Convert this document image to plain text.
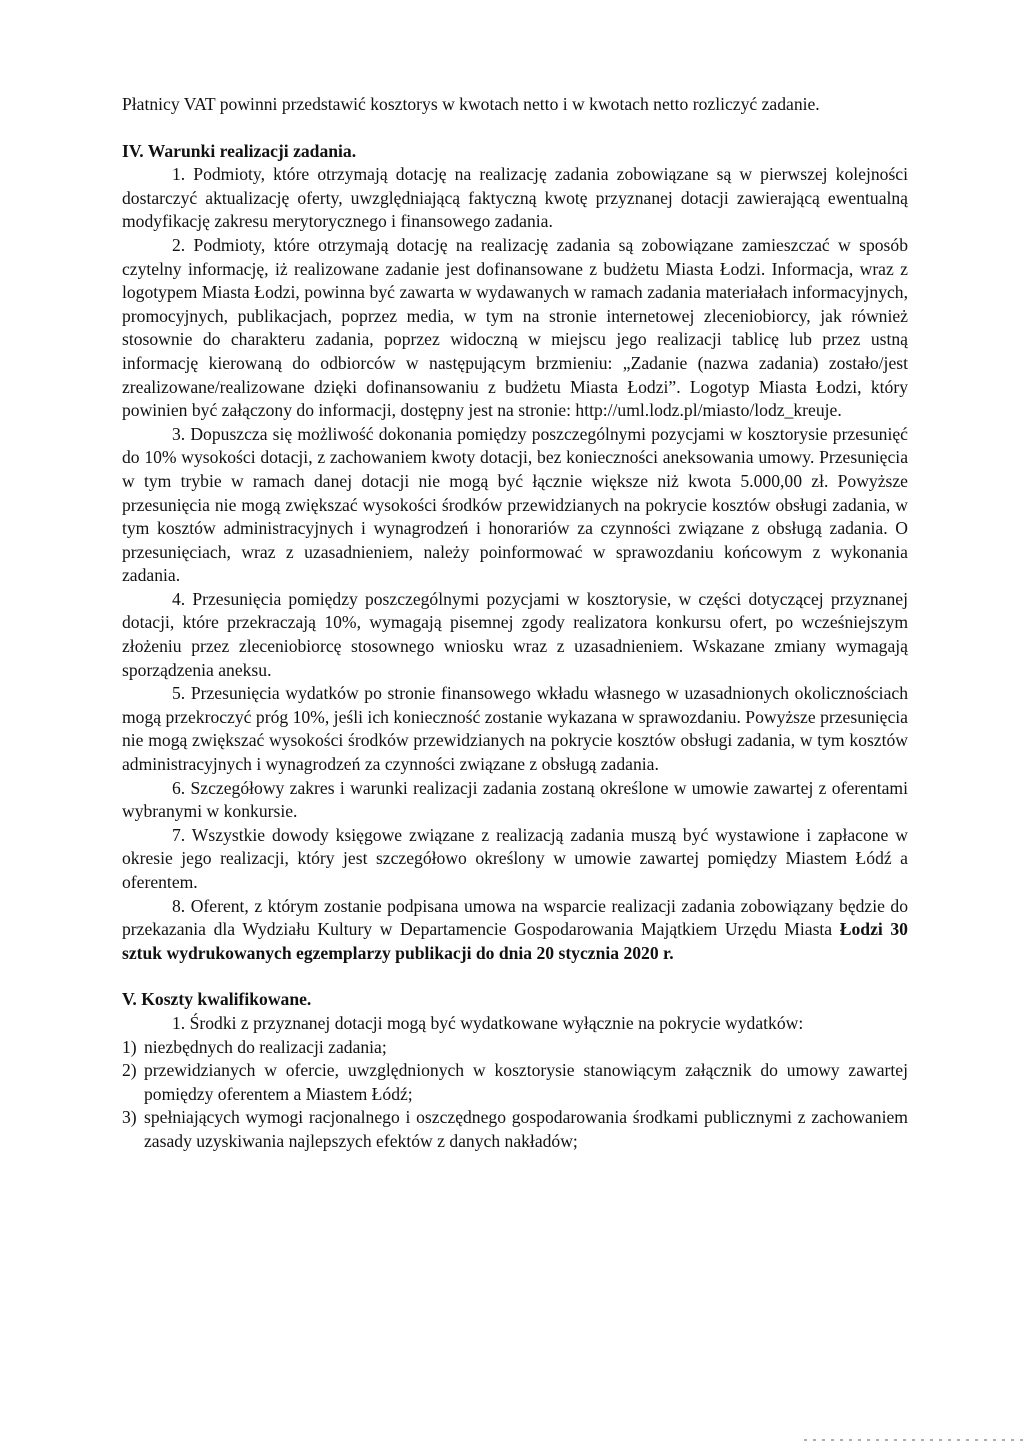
Płatnicy VAT powinni przedstawić kosztorys w kwotach netto i w kwotach netto rozliczyć zadanie.

IV. Warunki realizacji zadania.

1. Podmioty, które otrzymają dotację na realizację zadania zobowiązane są w pierwszej kolejności dostarczyć aktualizację oferty, uwzględniającą faktyczną kwotę przyznanej dotacji zawierającą ewentualną modyfikację zakresu merytorycznego i finansowego zadania.

2. Podmioty, które otrzymają dotację na realizację zadania są zobowiązane zamieszczać w sposób czytelny informację, iż realizowane zadanie jest dofinansowane z budżetu Miasta Łodzi. Informacja, wraz z logotypem Miasta Łodzi, powinna być zawarta w wydawanych w ramach zadania materiałach informacyjnych, promocyjnych, publikacjach, poprzez media, w tym na stronie internetowej zleceniobiorcy, jak również stosownie do charakteru zadania, poprzez widoczną w miejscu jego realizacji tablicę lub przez ustną informację kierowaną do odbiorców w następującym brzmieniu: „Zadanie (nazwa zadania) zostało/jest zrealizowane/realizowane dzięki dofinansowaniu z budżetu Miasta Łodzi”. Logotyp Miasta Łodzi, który powinien być załączony do informacji, dostępny jest na stronie: http://uml.lodz.pl/miasto/lodz_kreuje.

3. Dopuszcza się możliwość dokonania pomiędzy poszczególnymi pozycjami w kosztorysie przesunięć do 10% wysokości dotacji, z zachowaniem kwoty dotacji, bez konieczności aneksowania umowy. Przesunięcia w tym trybie w ramach danej dotacji nie mogą być łącznie większe niż kwota 5.000,00 zł. Powyższe przesunięcia nie mogą zwiększać wysokości środków przewidzianych na pokrycie kosztów obsługi zadania, w tym kosztów administracyjnych i wynagrodzeń i honorariów za czynności związane z obsługą zadania. O przesunięciach, wraz z uzasadnieniem, należy poinformować w sprawozdaniu końcowym z wykonania zadania.

4. Przesunięcia pomiędzy poszczególnymi pozycjami w kosztorysie, w części dotyczącej przyznanej dotacji, które przekraczają 10%, wymagają pisemnej zgody realizatora konkursu ofert, po wcześniejszym złożeniu przez zleceniobiorcę stosownego wniosku wraz z uzasadnieniem. Wskazane zmiany wymagają sporządzenia aneksu.

5. Przesunięcia wydatków po stronie finansowego wkładu własnego w uzasadnionych okolicznościach mogą przekroczyć próg 10%, jeśli ich konieczność zostanie wykazana w sprawozdaniu. Powyższe przesunięcia nie mogą zwiększać wysokości środków przewidzianych na pokrycie kosztów obsługi zadania, w tym kosztów administracyjnych i wynagrodzeń za czynności związane z obsługą zadania.

6. Szczegółowy zakres i warunki realizacji zadania zostaną określone w umowie zawartej z oferentami wybranymi w konkursie.

7. Wszystkie dowody księgowe związane z realizacją zadania muszą być wystawione i zapłacone w okresie jego realizacji, który jest szczegółowo określony w umowie zawartej pomiędzy Miastem Łódź a oferentem.

8. Oferent, z którym zostanie podpisana umowa na wsparcie realizacji zadania zobowiązany będzie do przekazania dla Wydziału Kultury w Departamencie Gospodarowania Majątkiem Urzędu Miasta Łodzi 30 sztuk wydrukowanych egzemplarzy publikacji do dnia 20 stycznia 2020 r.

V. Koszty kwalifikowane.

1. Środki z przyznanej dotacji mogą być wydatkowane wyłącznie na pokrycie wydatków:

1) niezbędnych do realizacji zadania;
2) przewidzianych w ofercie, uwzględnionych w kosztorysie stanowiącym załącznik do umowy zawartej pomiędzy oferentem a Miastem Łódź;
3) spełniających wymogi racjonalnego i oszczędnego gospodarowania środkami publicznymi z zachowaniem zasady uzyskiwania najlepszych efektów z danych nakładów;
